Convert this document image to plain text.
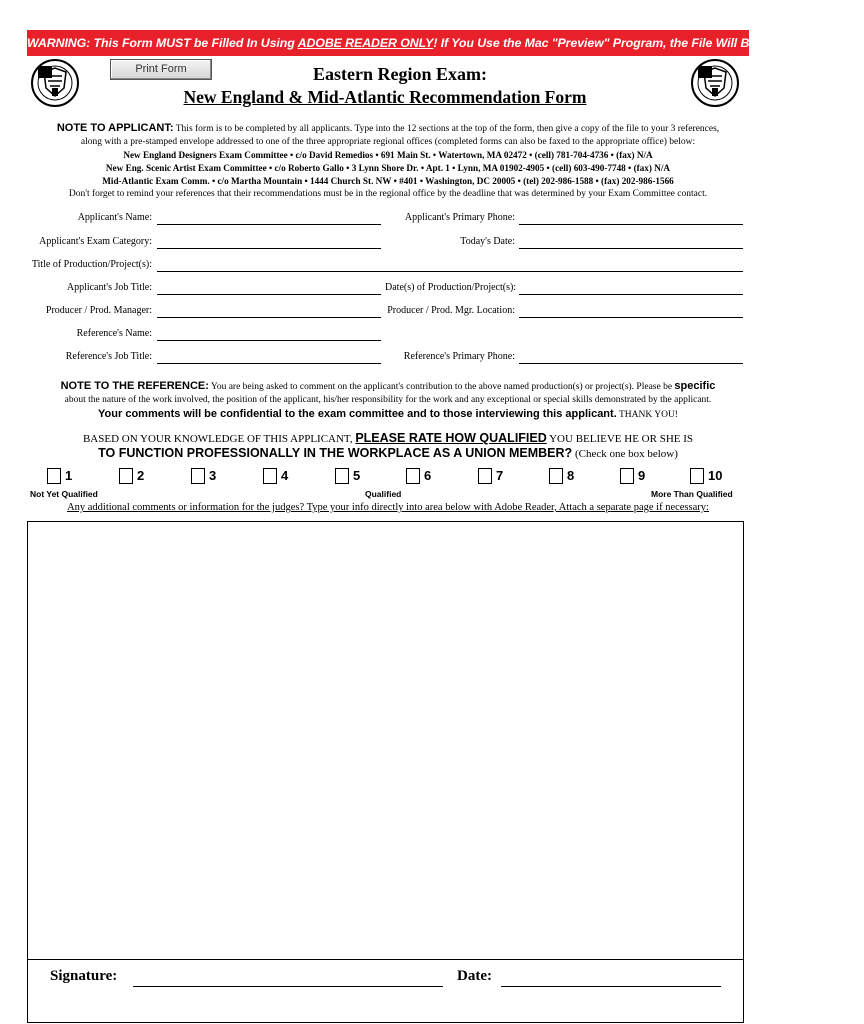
WARNING: This Form MUST be Filled In Using ADOBE READER ONLY! If You Use the Mac "Preview" Program, the File Will Become UNUSABLE!
Print Form	Eastern Region Exam:
New England & Mid-Atlantic Recommendation Form
NOTE TO APPLICANT: This form is to be completed by all applicants. Type into the 12 sections at the top of the form, then give a copy of the file to your 3 references,
along with a pre-stamped envelope addressed to one of the three appropriate regional offices (completed forms can also be faxed to the appropriate office) below:
New England Designers Exam Committee • c/o David Remedios • 691 Main St. • Watertown, MA 02472 • (cell) 781-704-4736 • (fax) N/A
New Eng. Scenic Artist Exam Committee • c/o Roberto Gallo • 3 Lynn Shore Dr. • Apt. 1 • Lynn, MA 01902-4905 • (cell) 603-490-7748 • (fax) N/A
Mid-Atlantic Exam Comm. • c/o Martha Mountain • 1444 Church St. NW • #401 • Washington, DC 20005 • (tel) 202-986-1588 • (fax) 202-986-1566
Don't forget to remind your references that their recommendations must be in the regional office by the deadline that was determined by your Exam Committee contact.
Applicant's Name:	Applicant's Primary Phone:
Applicant's Exam Category:	Today's Date:
Title of Production/Project(s):
Applicant's Job Title:	Date(s) of Production/Project(s):
Producer / Prod. Manager:	Producer / Prod. Mgr. Location:
Reference's Name:
Reference's Job Title:	Reference's Primary Phone:
NOTE TO THE REFERENCE: You are being asked to comment on the applicant's contribution to the above named production(s) or project(s). Please be specific
about the nature of the work involved, the position of the applicant, his/her responsibility for the work and any exceptional or special skills demonstrated by the applicant.
Your comments will be confidential to the exam committee and to those interviewing this applicant. THANK YOU!
BASED ON YOUR KNOWLEDGE OF THIS APPLICANT, PLEASE RATE HOW QUALIFIED YOU BELIEVE HE OR SHE IS
TO FUNCTION PROFESSIONALLY IN THE WORKPLACE AS A UNION MEMBER? (Check one box below)
1	2	3	4	5	6	7	8	9	10
Not Yet Qualified	Qualified	More Than Qualified
Any additional comments or information for the judges? Type your info directly into area below with Adobe Reader, Attach a separate page if necessary:
Signature:	Date:
